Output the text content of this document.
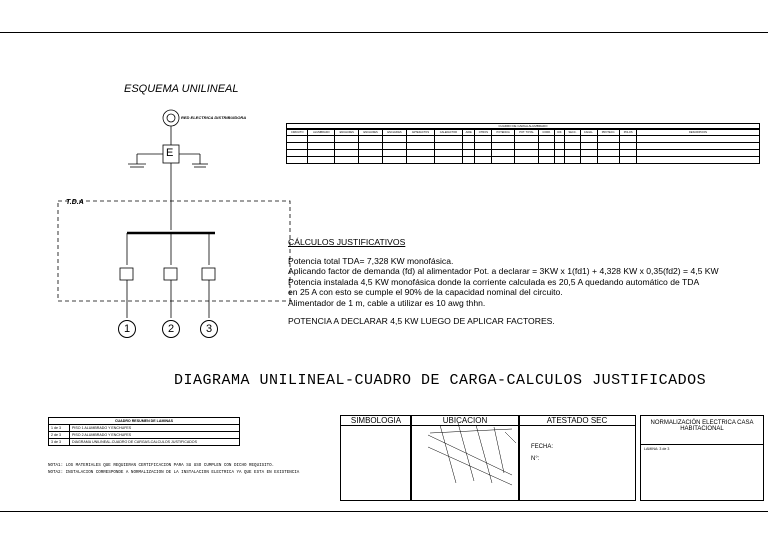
ESQUEMA UNILINEAL
RED ELECTRICA DISTRIBUIDORA
E
T.D.A
1	2	3
CUADRO DE CARGA ALUMBRADO
CIRCUITO	ALUMBRADO	ENCHUFES	ENCHUFES	ENCHUFES	ARTEFACTOS	CALEFACTOR	AIRE	OTROS	POTENCIA	POT. TOTAL	CORR.	DIF.	SECC.	CANAL.	PROTECC.	POLOS	DESCRIPCION

CÁLCULOS JUSTIFICATIVOS
Potencia total TDA= 7,328 KW monofásica.
Aplicando factor de demanda (fd) al alimentador Pot. a declarar = 3KW x 1(fd1) + 4,328 KW x 0,35(fd2) = 4,5 KW
Potencia instalada 4,5 KW monofásica donde la corriente calculada es 20,5 A quedando automático de TDA
en 25 A con esto se cumple el 90% de la capacidad nominal del circuito.
Alimentador de 1 m, cable a utilizar es 10 awg thhn.
POTENCIA A DECLARAR 4,5 KW LUEGO DE APLICAR FACTORES.
DIAGRAMA UNILINEAL-CUADRO DE CARGA-CALCULOS JUSTIFICADOS
CUADRO RESUMEN DE LAMINAS	
1 de 3	PISO 1 ALUMBRADO Y ENCHUFES
2 de 3	PISO 2 ALUMBRADO Y ENCHUFES
3 de 3	DIAGRAMA UNILINEAL-CUADRO DE CARGAS-CALCULOS JUSTIFICADOS
NOTA1: LOS MATERIALES QUE REQUIERAN CERTIFICACION PARA SU USO CUMPLEN CON DICHO REQUISITO.
NOTA2: INSTALACION CORRESPONDE A NORMALIZACION DE LA INSTALACION ELECTRICA YA QUE ESTA EN EXISTENCIA
SIMBOLOGIA	UBICACION	ATESTADO SEC
FECHA:
N°:
NORMALIZACIÓN ELECTRICA CASA HABITACIONAL
LAMINA: 3 de 3
